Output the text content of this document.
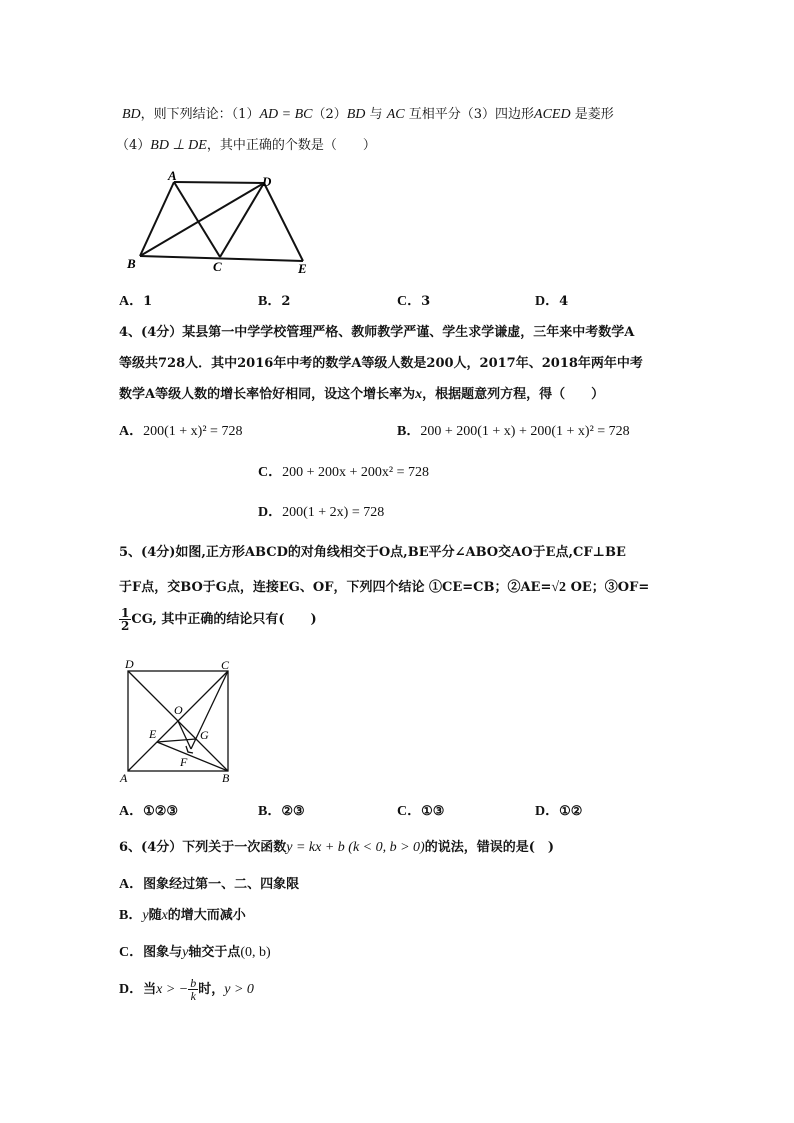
BD，则下列结论：（1）AD = BC（2）BD 与 AC 互相平分（3）四边形ACED 是菱形
（4）BD ⊥ DE，其中正确的个数是（　　）
A	D
B	C	E
A．1	B．2	C．3	D．4
4、(4分）某县第一中学学校管理严格、教师教学严谨、学生求学谦虚，三年来中考数学A
等级共728人．其中2016年中考的数学A等级人数是200人，2017年、2018年两年中考
数学A等级人数的增长率恰好相同，设这个增长率为x，根据题意列方程，得（　　）
A．200(1 + x)² = 728	B．200 + 200(1 + x) + 200(1 + x)² = 728
C．200 + 200x + 200x² = 728
D．200(1 + 2x) = 728
5、(4分)如图,正方形ABCD的对角线相交于O点,BE平分∠ABO交AO于E点,CF⊥BE
于F点，交BO于G点，连接EG、OF，下列四个结论 ①CE=CB；②AE=√2 OE；③OF=
$\frac{1}{2}$ CG, 其中正确的结论只有(　　)
D	C
O
E	G
F
A	B
A．①②③	B．②③	C．①③	D．①②
6、(4分）下列关于一次函数y = kx + b (k < 0, b > 0)的说法，错误的是(　)
A．图象经过第一、二、四象限
B．y随x的增大而减小
C．图象与y轴交于点(0, b)
D．当x > − $\frac{b}{k}$ 时，y > 0
